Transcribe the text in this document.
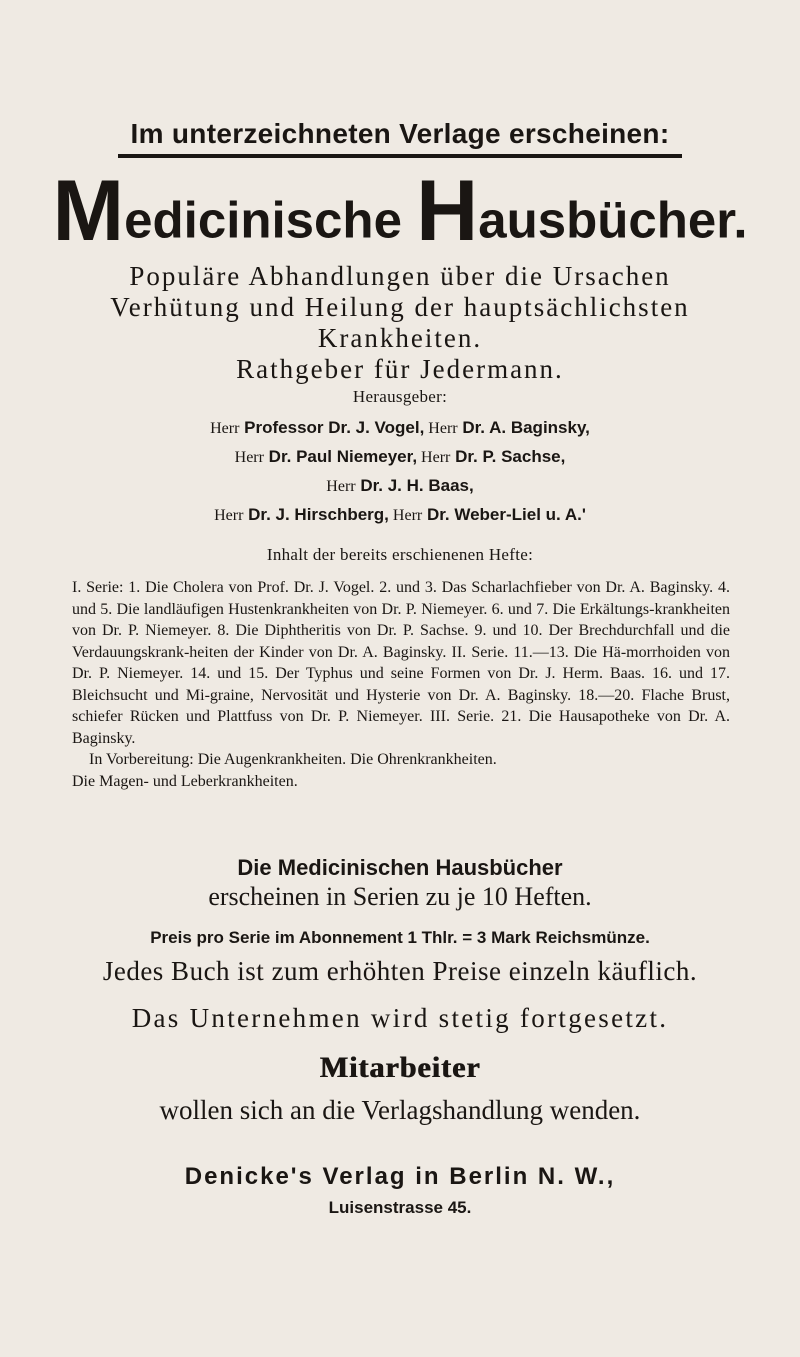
Im unterzeichneten Verlage erscheinen:
Medicinische Hausbücher.
Populäre Abhandlungen über die Ursachen
Verhütung und Heilung der hauptsächlichsten
Krankheiten.
Rathgeber für Jedermann.
Herausgeber:
Herr Professor Dr. J. Vogel, Herr Dr. A. Baginsky,
Herr Dr. Paul Niemeyer, Herr Dr. P. Sachse,
Herr Dr. J. H. Baas,
Herr Dr. J. Hirschberg, Herr Dr. Weber-Liel u. A.'
Inhalt der bereits erschienenen Hefte:

I. Serie: 1. Die Cholera von Prof. Dr. J. Vogel. 2. und 3. Das Scharlachfieber von Dr. A. Baginsky. 4. und 5. Die landläufigen Hustenkrankheiten von Dr. P. Niemeyer. 6. und 7. Die Erkältungs-krankheiten von Dr. P. Niemeyer. 8. Die Diphtheritis von Dr. P. Sachse. 9. und 10. Der Brechdurchfall und die Verdauungskrank-heiten der Kinder von Dr. A. Baginsky. II. Serie. 11.—13. Die Hä-morrhoiden von Dr. P. Niemeyer. 14. und 15. Der Typhus und seine Formen von Dr. J. Herm. Baas. 16. und 17. Bleichsucht und Mi-graine, Nervosität und Hysterie von Dr. A. Baginsky. 18.—20. Flache Brust, schiefer Rücken und Plattfuss von Dr. P. Niemeyer. III. Serie. 21. Die Hausapotheke von Dr. A. Baginsky.

In Vorbereitung: Die Augenkrankheiten. Die Ohrenkrankheiten.

Die Magen- und Leberkrankheiten.

Die Medicinischen Hausbücher
erscheinen in Serien zu je 10 Heften.
Preis pro Serie im Abonnement 1 Thlr. = 3 Mark Reichsmünze.
Jedes Buch ist zum erhöhten Preise einzeln käuflich.
Das Unternehmen wird stetig fortgesetzt.
Mitarbeiter
wollen sich an die Verlagshandlung wenden.
Denicke's Verlag in Berlin N. W.,
Luisenstrasse 45.
